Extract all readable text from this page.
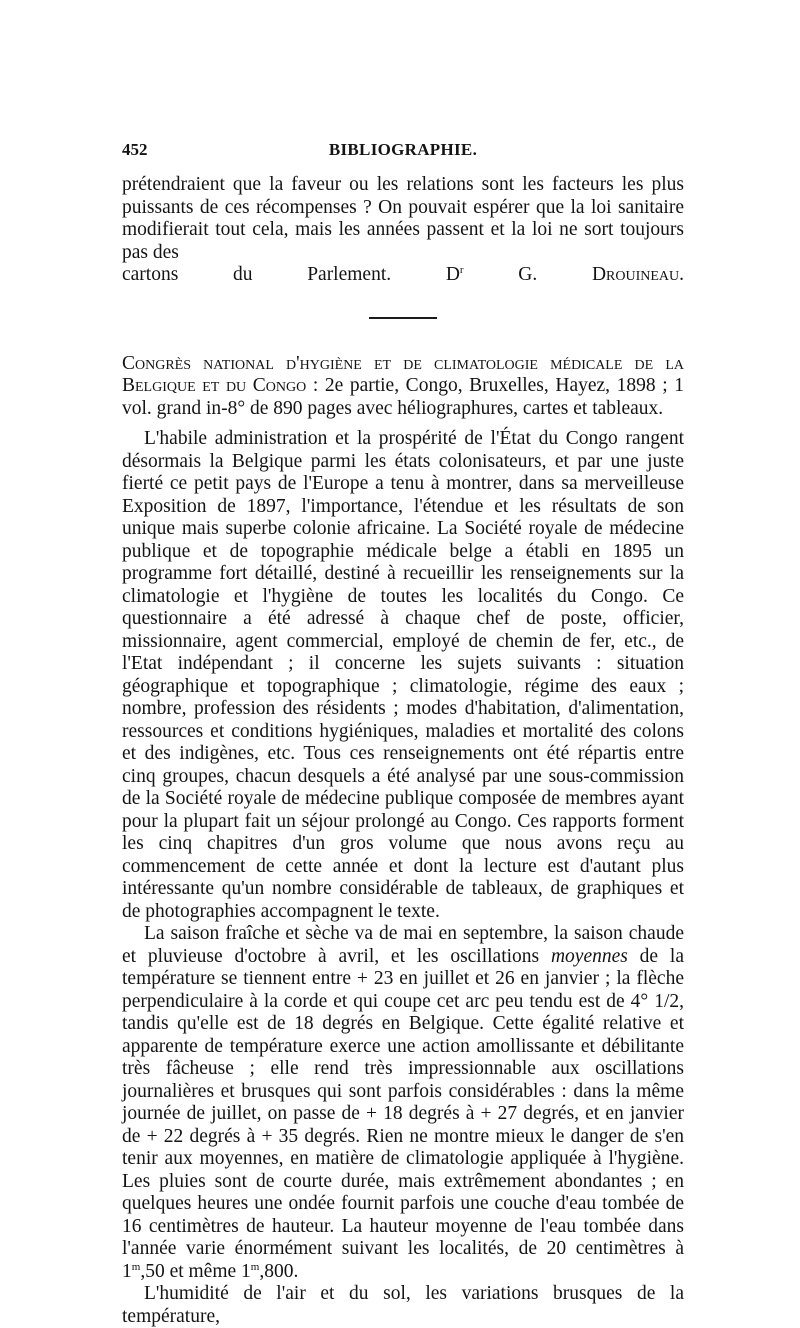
452	BIBLIOGRAPHIE.

prétendraient que la faveur ou les relations sont les facteurs les plus puissants de ces récompenses ? On pouvait espérer que la loi sanitaire modifierait tout cela, mais les années passent et la loi ne sort toujours pas des

cartons du Parlement.	$D^r$	G. Drouineau.

Congrès national d'hygiène et de climatologie médicale de la Belgique et du Congo : 2e partie, Congo, Bruxelles, Hayez, 1898 ; 1 vol. grand in-8° de 890 pages avec héliographures, cartes et tableaux.

L'habile administration et la prospérité de l'État du Congo rangent désormais la Belgique parmi les états colonisateurs, et par une juste fierté ce petit pays de l'Europe a tenu à montrer, dans sa merveilleuse Exposition de 1897, l'importance, l'étendue et les résultats de son unique mais superbe colonie africaine. La Société royale de médecine publique et de topographie médicale belge a établi en 1895 un programme fort détaillé, destiné à recueillir les renseignements sur la climatologie et l'hygiène de toutes les localités du Congo. Ce questionnaire a été adressé à chaque chef de poste, officier, missionnaire, agent commercial, employé de chemin de fer, etc., de l'Etat indépendant ; il concerne les sujets suivants : situation géographique et topographique ; climatologie, régime des eaux ; nombre, profession des résidents ; modes d'habitation, d'alimentation, ressources et conditions hygiéniques, maladies et mortalité des colons et des indigènes, etc. Tous ces renseignements ont été répartis entre cinq groupes, chacun desquels a été analysé par une sous-commission de la Société royale de médecine publique composée de membres ayant pour la plupart fait un séjour prolongé au Congo. Ces rapports forment les cinq chapitres d'un gros volume que nous avons reçu au commencement de cette année et dont la lecture est d'autant plus intéressante qu'un nombre considérable de tableaux, de graphiques et de photographies accompagnent le texte.

La saison fraîche et sèche va de mai en septembre, la saison chaude et pluvieuse d'octobre à avril, et les oscillations moyennes de la température se tiennent entre + 23 en juillet et 26 en janvier ; la flèche perpendiculaire à la corde et qui coupe cet arc peu tendu est de 4° 1/2, tandis qu'elle est de 18 degrés en Belgique. Cette égalité relative et apparente de température exerce une action amollissante et débilitante très fâcheuse ; elle rend très impressionnable aux oscillations journalières et brusques qui sont parfois considérables : dans la même journée de juillet, on passe de + 18 degrés à + 27 degrés, et en janvier de + 22 degrés à + 35 degrés. Rien ne montre mieux le danger de s'en tenir aux moyennes, en matière de climatologie appliquée à l'hygiène. Les pluies sont de courte durée, mais extrêmement abondantes ; en quelques heures une ondée fournit parfois une couche d'eau tombée de 16 centimètres de hauteur. La hauteur moyenne de l'eau tombée dans l'année varie énormément suivant les localités, de 20 centimètres à 1$^m$,50 et même 1$^m$,800.

L'humidité de l'air et du sol, les variations brusques de la température,
